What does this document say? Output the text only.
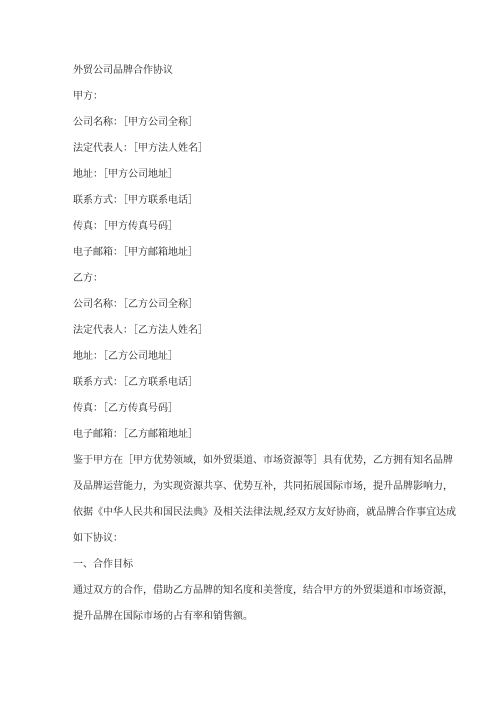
外贸公司品牌合作协议

甲方：

公司名称：［甲方公司全称］

法定代表人：［甲方法人姓名］

地址：［甲方公司地址］

联系方式：［甲方联系电话］

传真：［甲方传真号码］

电子邮箱：［甲方邮箱地址］

乙方：

公司名称：［乙方公司全称］

法定代表人：［乙方法人姓名］

地址：［乙方公司地址］

联系方式：［乙方联系电话］

传真：［乙方传真号码］

电子邮箱：［乙方邮箱地址］

鉴于甲方在［甲方优势领域，如外贸渠道、市场资源等］具有优势，乙方拥有知名品牌
及品牌运营能力，为实现资源共享、优势互补，共同拓展国际市场，提升品牌影响力，
依据《中华人民共和国民法典》及相关法律法规,经双方友好协商，就品牌合作事宜达成
如下协议：

一、合作目标

通过双方的合作，借助乙方品牌的知名度和美誉度，结合甲方的外贸渠道和市场资源，
提升品牌在国际市场的占有率和销售额。
